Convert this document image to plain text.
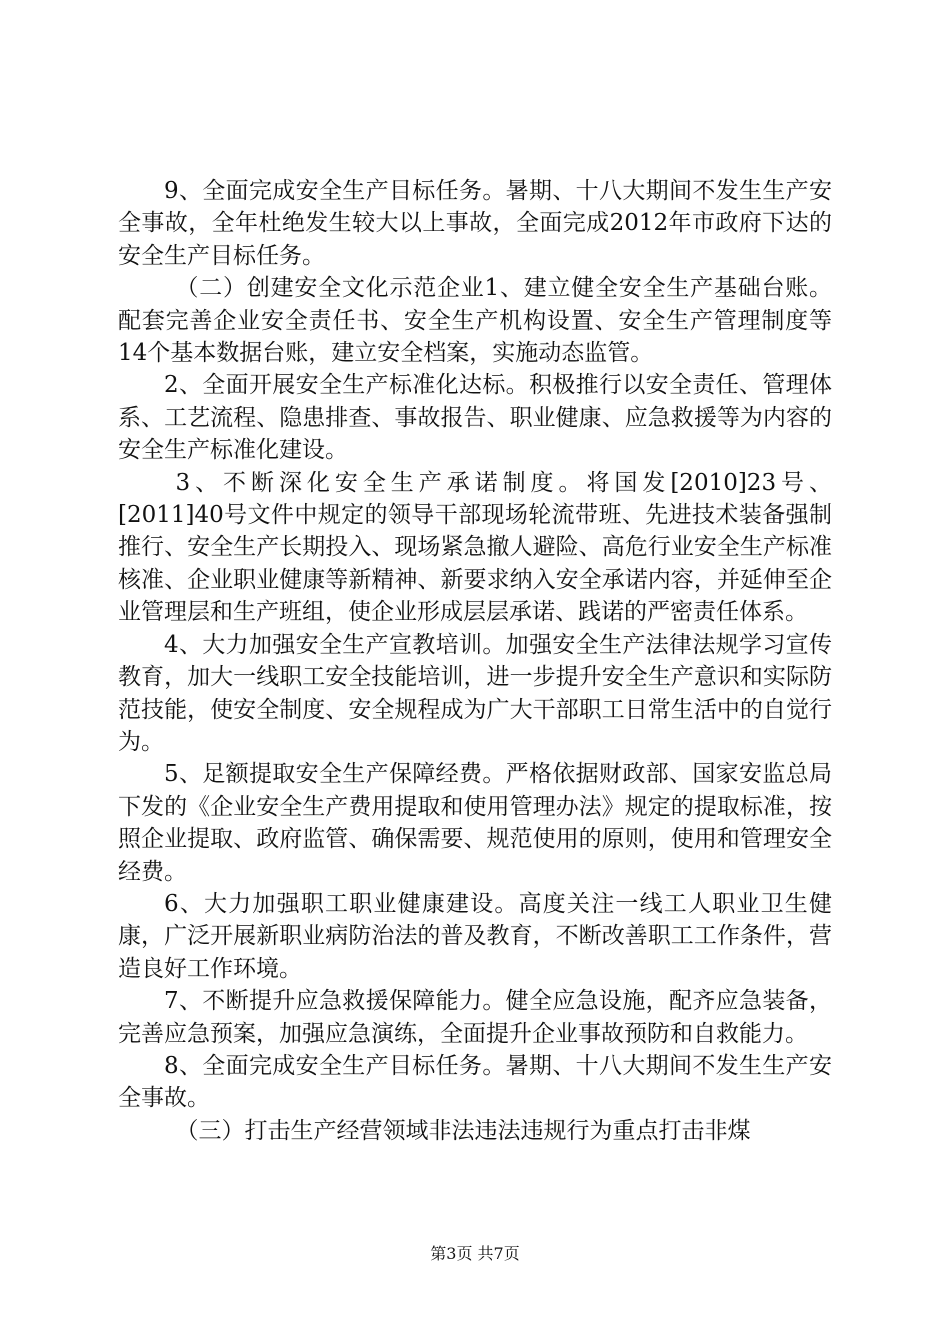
9、全面完成安全生产目标任务。暑期、十八大期间不发生生产安全事故，全年杜绝发生较大以上事故，全面完成2012年市政府下达的安全生产目标任务。

（二）创建安全文化示范企业1、建立健全安全生产基础台账。配套完善企业安全责任书、安全生产机构设置、安全生产管理制度等14个基本数据台账，建立安全档案，实施动态监管。

2、全面开展安全生产标准化达标。积极推行以安全责任、管理体系、工艺流程、隐患排查、事故报告、职业健康、应急救援等为内容的安全生产标准化建设。

3、不断深化安全生产承诺制度。将国发[2010]23号、[2011]40号文件中规定的领导干部现场轮流带班、先进技术装备强制推行、安全生产长期投入、现场紧急撤人避险、高危行业安全生产标准核准、企业职业健康等新精神、新要求纳入安全承诺内容，并延伸至企业管理层和生产班组，使企业形成层层承诺、践诺的严密责任体系。

4、大力加强安全生产宣教培训。加强安全生产法律法规学习宣传教育，加大一线职工安全技能培训，进一步提升安全生产意识和实际防范技能，使安全制度、安全规程成为广大干部职工日常生活中的自觉行为。

5、足额提取安全生产保障经费。严格依据财政部、国家安监总局下发的《企业安全生产费用提取和使用管理办法》规定的提取标准，按照企业提取、政府监管、确保需要、规范使用的原则，使用和管理安全经费。

6、大力加强职工职业健康建设。高度关注一线工人职业卫生健康，广泛开展新职业病防治法的普及教育，不断改善职工工作条件，营造良好工作环境。

7、不断提升应急救援保障能力。健全应急设施，配齐应急装备，完善应急预案，加强应急演练，全面提升企业事故预防和自救能力。

8、全面完成安全生产目标任务。暑期、十八大期间不发生生产安全事故。

（三）打击生产经营领域非法违法违规行为重点打击非煤

第3页 共7页
